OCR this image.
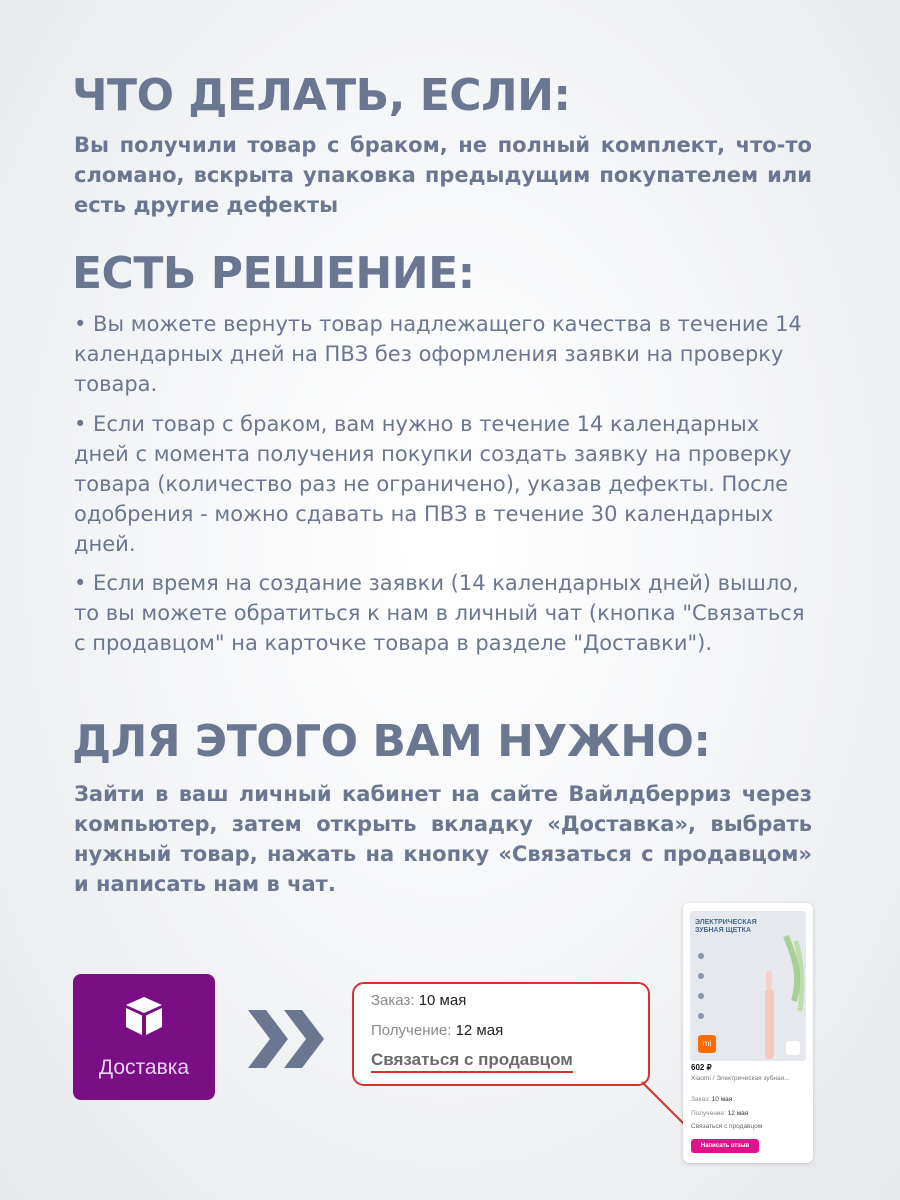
ЧТО ДЕЛАТЬ, ЕСЛИ:
Вы получили товар с браком, не полный комплект, что-то сломано, вскрыта упаковка предыдущим покупателем или есть другие дефекты
ЕСТЬ РЕШЕНИЕ:
• Вы можете вернуть товар надлежащего качества в течение 14 календарных дней на ПВЗ без оформления заявки на проверку товара.
• Если товар с браком, вам нужно в течение 14 календарных дней с момента получения покупки создать заявку на проверку товара (количество раз не ограничено), указав дефекты. После одобрения - можно сдавать на ПВЗ в течение 30 календарных дней.
• Если время на создание заявки (14 календарных дней) вышло, то вы можете обратиться к нам в личный чат (кнопка "Связаться с продавцом" на карточке товара в разделе "Доставки").
ДЛЯ ЭТОГО ВАМ НУЖНО:
Зайти в ваш личный кабинет на сайте Вайлдберриз через компьютер, затем открыть вкладку «Доставка», выбрать нужный товар, нажать на кнопку «Связаться с продавцом» и написать нам в чат.
Доставка
Заказ: 10 мая
Получение: 12 мая
Связаться с продавцом
ЭЛЕКТРИЧЕСКАЯ ЗУБНАЯ ЩЕТКА
mi
602 ₽
Xiaomi / Электрическая зубная...
Заказ: 10 мая
Получение: 12 мая
Связаться с продавцом
Написать отзыв
